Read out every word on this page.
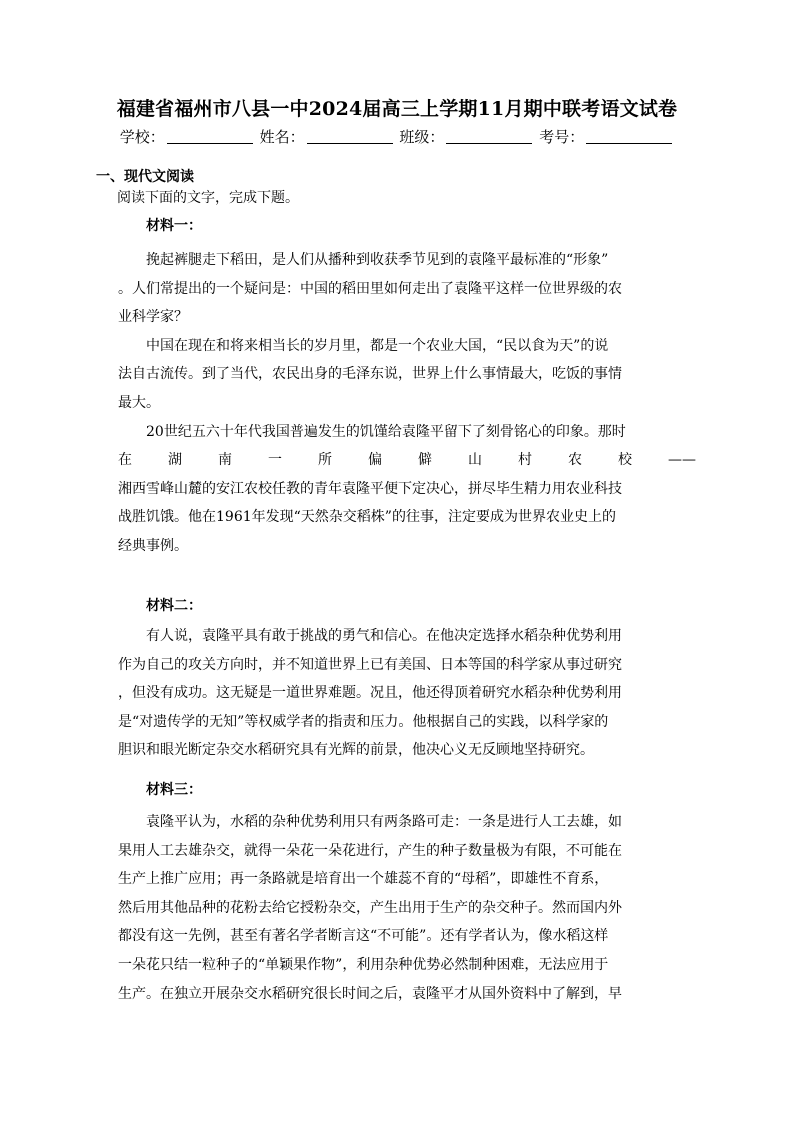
福建省福州市八县一中2024届高三上学期11月期中联考语文试卷
学校：	姓名：	班级：	考号：
一、现代文阅读
阅读下面的文字，完成下题。
材料一：
　　挽起裤腿走下稻田，是人们从播种到收获季节见到的袁隆平最标准的“形象”
。人们常提出的一个疑问是：中国的稻田里如何走出了袁隆平这样一位世界级的农
业科学家？
　　中国在现在和将来相当长的岁月里，都是一个农业大国，“民以食为天”的说
法自古流传。到了当代，农民出身的毛泽东说，世界上什么事情最大，吃饭的事情
最大。
　　20世纪五六十年代我国普遍发生的饥馑给袁隆平留下了刻骨铭心的印象。那时
在	湖	南	一	所	偏	僻	山	村	农	校	——
湘西雪峰山麓的安江农校任教的青年袁隆平便下定决心，拼尽毕生精力用农业科技
战胜饥饿。他在1961年发现“天然杂交稻株”的往事，注定要成为世界农业史上的
经典事例。
材料二：
　　有人说，袁隆平具有敢于挑战的勇气和信心。在他决定选择水稻杂种优势利用
作为自己的攻关方向时，并不知道世界上已有美国、日本等国的科学家从事过研究
，但没有成功。这无疑是一道世界难题。况且，他还得顶着研究水稻杂种优势利用
是“对遗传学的无知”等权威学者的指责和压力。他根据自己的实践，以科学家的
胆识和眼光断定杂交水稻研究具有光辉的前景，他决心义无反顾地坚持研究。
材料三：
　　袁隆平认为，水稻的杂种优势利用只有两条路可走：一条是进行人工去雄，如
果用人工去雄杂交，就得一朵花一朵花进行，产生的种子数量极为有限，不可能在
生产上推广应用；再一条路就是培育出一个雄蕊不育的“母稻”，即雄性不育系，
然后用其他品种的花粉去给它授粉杂交，产生出用于生产的杂交种子。然而国内外
都没有这一先例，甚至有著名学者断言这“不可能”。还有学者认为，像水稻这样
一朵花只结一粒种子的“单颖果作物”，利用杂种优势必然制种困难，无法应用于
生产。在独立开展杂交水稻研究很长时间之后，袁隆平才从国外资料中了解到，早
